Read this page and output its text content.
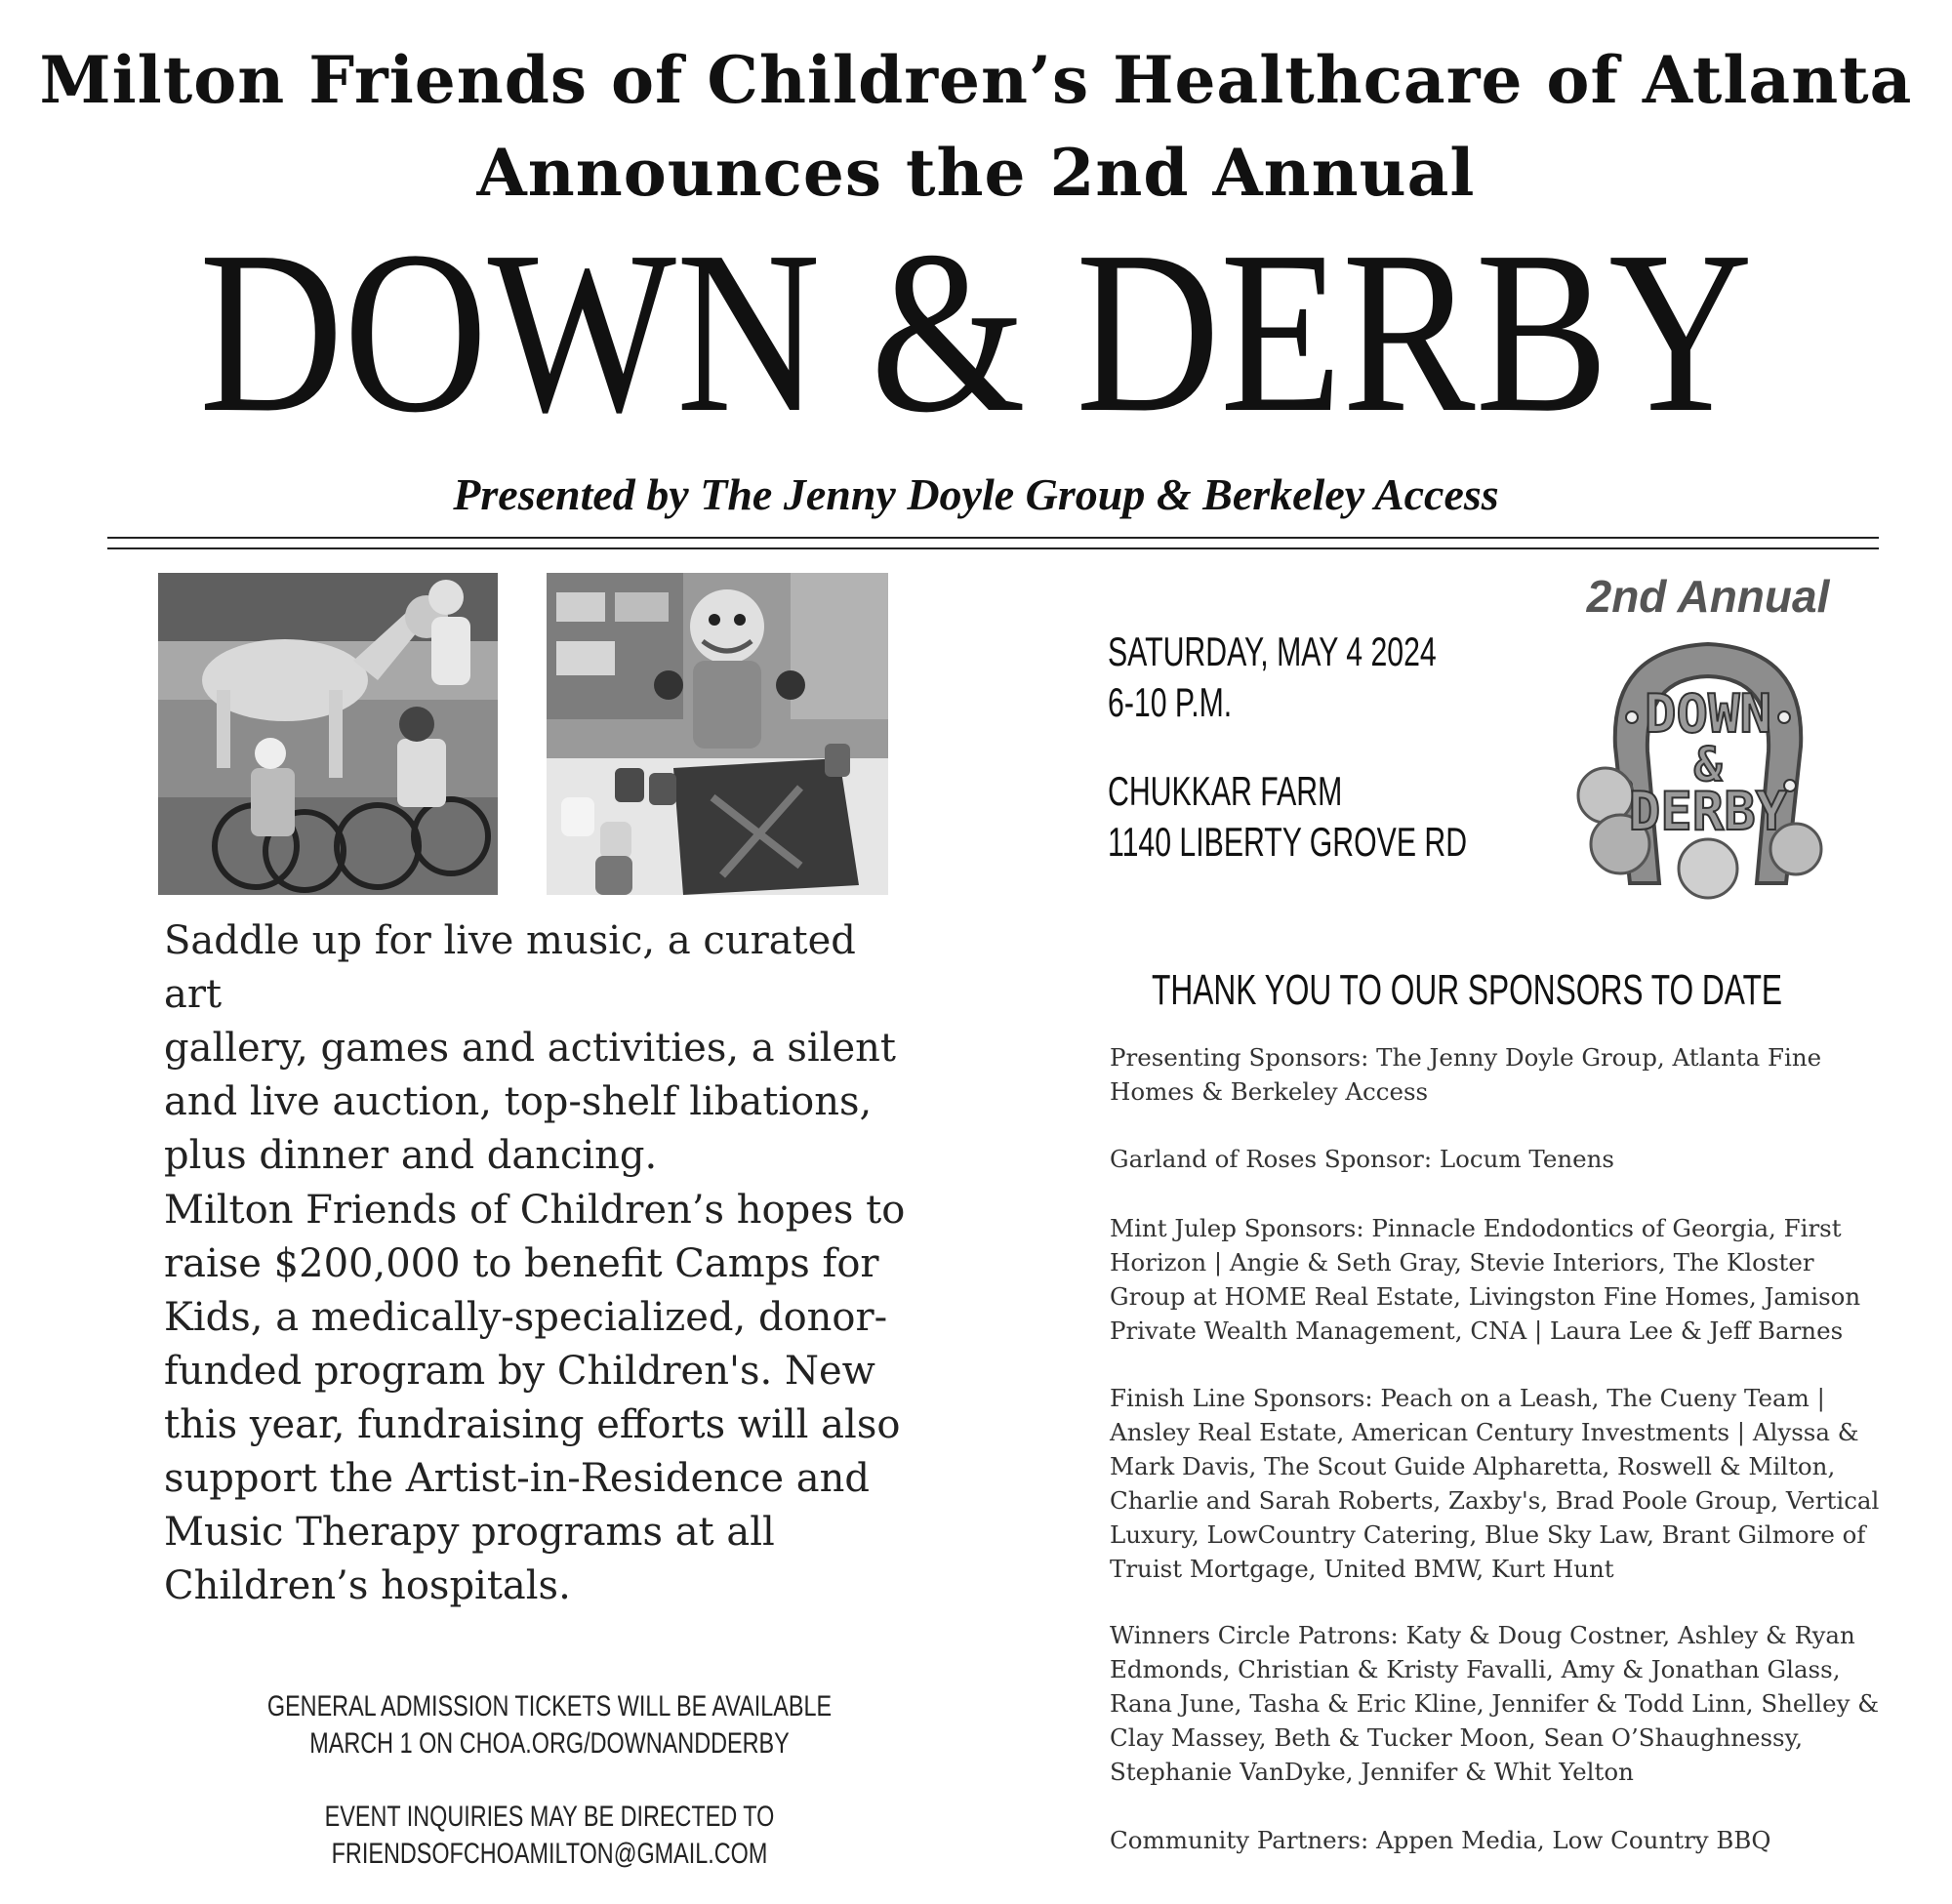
Milton Friends of Children’s Healthcare of Atlanta
Announces the 2nd Annual
DOWN & DERBY
Presented by The Jenny Doyle Group & Berkeley Access
SATURDAY, MAY 4 2024
6-10 P.M.
CHUKKAR FARM
1140 LIBERTY GROVE RD
2nd Annual
DOWN
&
DERBY
Saddle up for live music, a curated art
gallery, games and activities, a silent
and live auction, top-shelf libations,
plus dinner and dancing.
Milton Friends of Children’s hopes to
raise $200,000 to benefit Camps for
Kids, a medically-specialized, donor-
funded program by Children's. New
this year, fundraising efforts will also
support the Artist-in-Residence and
Music Therapy programs at all
Children’s hospitals.
GENERAL ADMISSION TICKETS WILL BE AVAILABLE
MARCH 1 ON CHOA.ORG/DOWNANDDERBY
EVENT INQUIRIES MAY BE DIRECTED TO
FRIENDSOFCHOAMILTON@GMAIL.COM
THANK YOU TO OUR SPONSORS TO DATE
Presenting Sponsors: The Jenny Doyle Group, Atlanta Fine
Homes & Berkeley Access
Garland of Roses Sponsor: Locum Tenens
Mint Julep Sponsors: Pinnacle Endodontics of Georgia, First
Horizon | Angie & Seth Gray, Stevie Interiors, The Kloster
Group at HOME Real Estate, Livingston Fine Homes, Jamison
Private Wealth Management, CNA | Laura Lee & Jeff Barnes
Finish Line Sponsors: Peach on a Leash, The Cueny Team |
Ansley Real Estate, American Century Investments | Alyssa &
Mark Davis, The Scout Guide Alpharetta, Roswell & Milton,
Charlie and Sarah Roberts, Zaxby's, Brad Poole Group, Vertical
Luxury, LowCountry Catering, Blue Sky Law, Brant Gilmore of
Truist Mortgage, United BMW, Kurt Hunt
Winners Circle Patrons: Katy & Doug Costner, Ashley & Ryan
Edmonds, Christian & Kristy Favalli, Amy & Jonathan Glass,
Rana June, Tasha & Eric Kline, Jennifer & Todd Linn, Shelley &
Clay Massey, Beth & Tucker Moon, Sean O’Shaughnessy,
Stephanie VanDyke, Jennifer & Whit Yelton
Community Partners: Appen Media, Low Country BBQ
